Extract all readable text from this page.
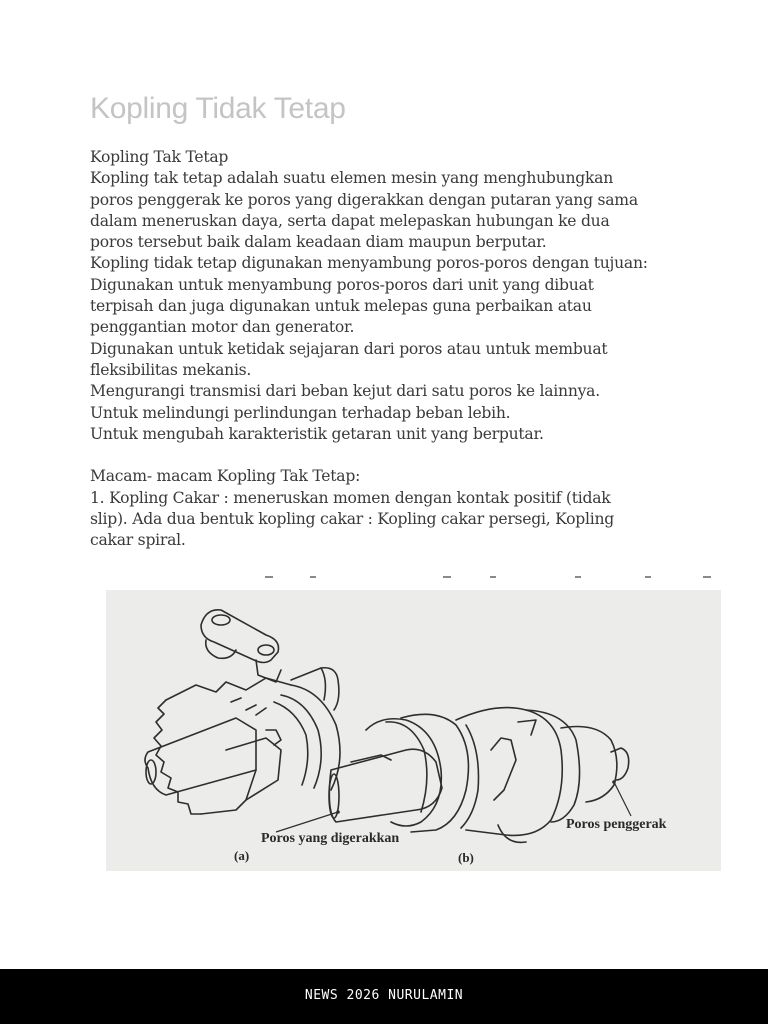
Kopling Tidak Tetap
Kopling Tak Tetap
Kopling tak tetap adalah suatu elemen mesin yang menghubungkan
poros penggerak ke poros yang digerakkan dengan putaran yang sama
dalam meneruskan daya, serta dapat melepaskan hubungan ke dua
poros tersebut baik dalam keadaan diam maupun berputar.
Kopling tidak tetap digunakan menyambung poros-poros dengan tujuan:
Digunakan untuk menyambung poros-poros dari unit yang dibuat
terpisah dan juga digunakan untuk melepas guna perbaikan atau
penggantian motor dan generator.
Digunakan untuk ketidak sejajaran dari poros atau untuk membuat
fleksibilitas mekanis.
Mengurangi transmisi dari beban kejut dari satu poros ke lainnya.
Untuk melindungi perlindungan terhadap beban lebih.
Untuk mengubah karakteristik getaran unit yang berputar.
Macam- macam Kopling Tak Tetap:
1. Kopling Cakar : meneruskan momen dengan kontak positif (tidak
slip). Ada dua bentuk kopling cakar : Kopling cakar persegi, Kopling
cakar spiral.
Poros yang digerakkan
Poros penggerak
(a)	(b)
NEWS 2026 NURULAMIN
